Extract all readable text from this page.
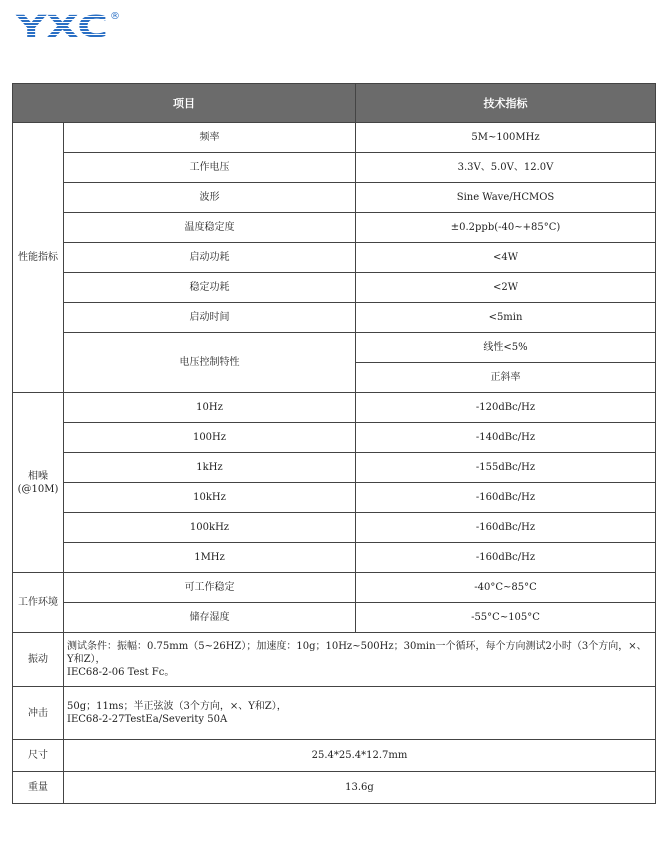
YXC ®
项目		技术指标
性能指标	频率	5M~100MHz
	工作电压	3.3V、5.0V、12.0V
	波形	Sine Wave/HCMOS
	温度稳定度	±0.2ppb(-40~+85°C)
	启动功耗	<4W
	稳定功耗	<2W
	启动时间	<5min
	电压控制特性	线性<5%
		正斜率
相噪
(@10M)	10Hz	-120dBc/Hz
	100Hz	-140dBc/Hz
	1kHz	-155dBc/Hz
	10kHz	-160dBc/Hz
	100kHz	-160dBc/Hz
	1MHz	-160dBc/Hz
工作环境	可工作稳定	-40°C~85°C
	储存湿度	-55°C~105°C
振动	测试条件：振幅：0.75mm（5~26HZ）；加速度：10g；10Hz~500Hz；30min一个循环，每个方向测试2小时（3个方向，×、Y和Z），
IEC68-2-06 Test Fc。	
冲击	50g；11ms；半正弦波（3个方向，×、Y和Z），
IEC68-2-27TestEa/Severity 50A	
尺寸	25.4*25.4*12.7mm	
重量	13.6g	
